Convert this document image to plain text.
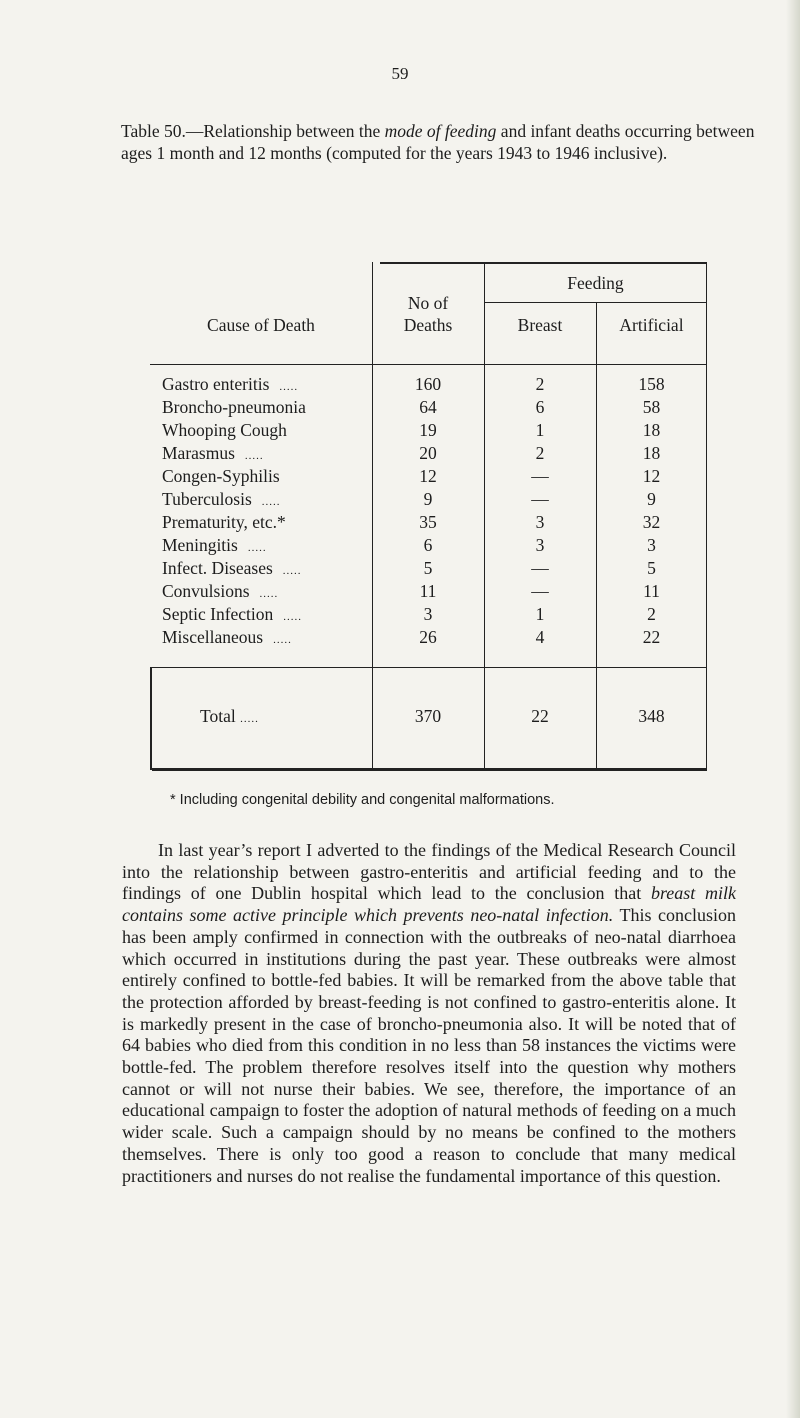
59
Table 50.—Relationship between the mode of feeding and infant deaths occurring between ages 1 month and 12 months (computed for the years 1943 to 1946 inclusive).
Cause of Death
No of
Deaths
Feeding
Breast	Artificial
Gastro enteritis .....	160	2	158
Broncho-pneumonia	64	6	58
Whooping Cough	19	1	18
Marasmus .....	20	2	18
Congen-Syphilis	12	—	12
Tuberculosis .....	9	—	9
Prematurity, etc.*	35	3	32
Meningitis .....	6	3	3
Infect. Diseases .....	5	—	5
Convulsions .....	11	—	11
Septic Infection .....	3	1	2
Miscellaneous .....	26	4	22
Total .....	370	22	348
* Including congenital debility and congenital malformations.
In last year’s report I adverted to the findings of the Medical Research Council into the relationship between gastro-enteritis and artificial feeding and to the findings of one Dublin hospital which lead to the conclusion that breast milk contains some active principle which prevents neo-natal infection. This conclusion has been amply confirmed in connection with the outbreaks of neo-natal diarrhoea which occurred in institutions during the past year. These outbreaks were almost entirely confined to bottle-fed babies. It will be remarked from the above table that the protection afforded by breast-feeding is not confined to gastro-enteritis alone. It is markedly present in the case of broncho-pneumonia also. It will be noted that of 64 babies who died from this condition in no less than 58 instances the victims were bottle-fed. The problem therefore resolves itself into the question why mothers cannot or will not nurse their babies. We see, therefore, the importance of an educational campaign to foster the adoption of natural methods of feeding on a much wider scale. Such a campaign should by no means be confined to the mothers themselves. There is only too good a reason to conclude that many medical practitioners and nurses do not realise the fundamental importance of this question.
